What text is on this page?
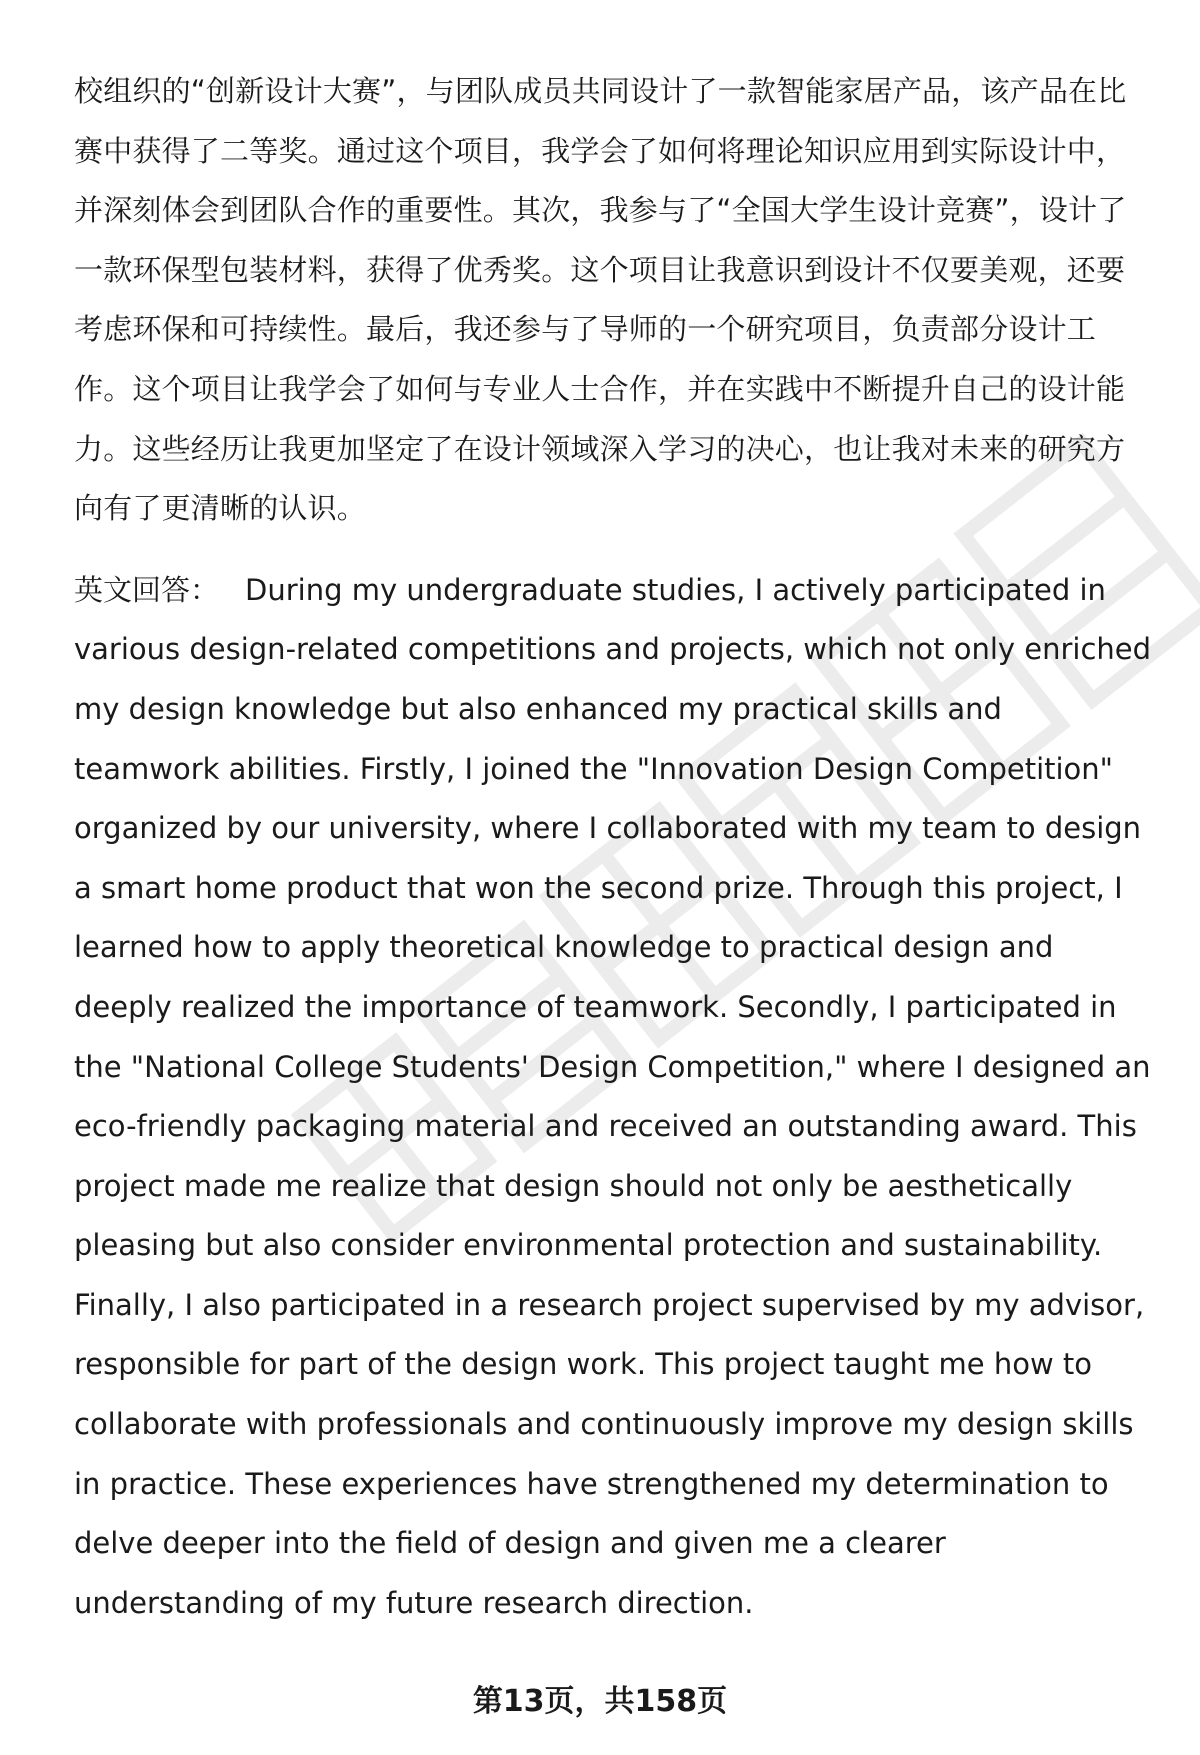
校组织的“创新设计大赛”，与团队成员共同设计了一款智能家居产品，该产品在比赛中获得了二等奖。通过这个项目，我学会了如何将理论知识应用到实际设计中，并深刻体会到团队合作的重要性。其次，我参与了“全国大学生设计竞赛”，设计了一款环保型包装材料，获得了优秀奖。这个项目让我意识到设计不仅要美观，还要考虑环保和可持续性。最后，我还参与了导师的一个研究项目，负责部分设计工作。这个项目让我学会了如何与专业人士合作，并在实践中不断提升自己的设计能力。这些经历让我更加坚定了在设计领域深入学习的决心，也让我对未来的研究方向有了更清晰的认识。

英文回答： During my undergraduate studies, I actively participated in various design-related competitions and projects, which not only enriched my design knowledge but also enhanced my practical skills and teamwork abilities. Firstly, I joined the "Innovation Design Competition" organized by our university, where I collaborated with my team to design a smart home product that won the second prize. Through this project, I learned how to apply theoretical knowledge to practical design and deeply realized the importance of teamwork. Secondly, I participated in the "National College Students' Design Competition," where I designed an eco-friendly packaging material and received an outstanding award. This project made me realize that design should not only be aesthetically pleasing but also consider environmental protection and sustainability. Finally, I also participated in a research project supervised by my advisor, responsible for part of the design work. This project taught me how to collaborate with professionals and continuously improve my design skills in practice. These experiences have strengthened my determination to delve deeper into the field of design and given me a clearer understanding of my future research direction.

第13页，共158页
